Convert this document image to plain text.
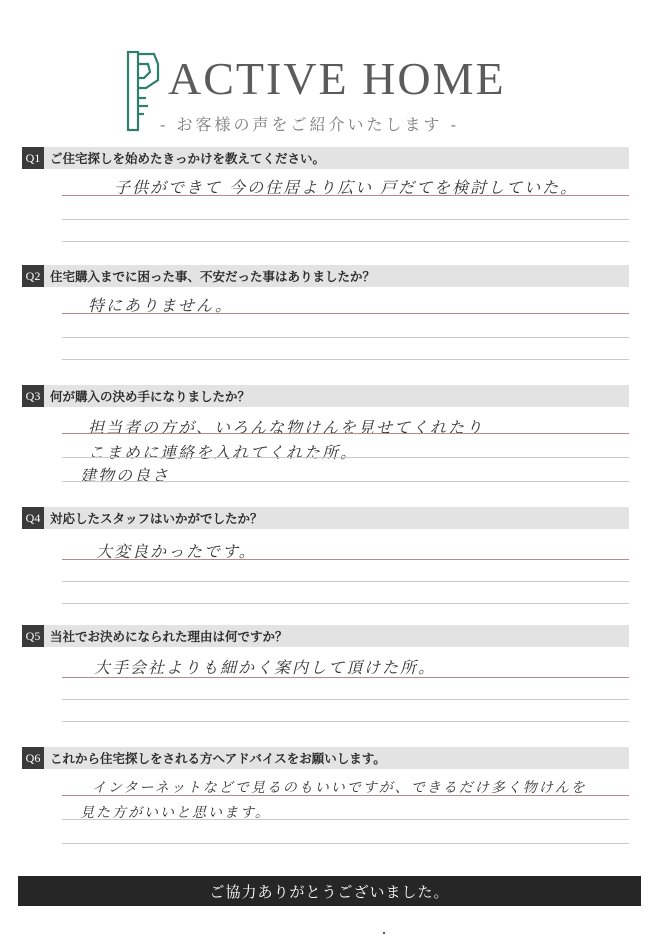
ACTIVE HOME
- お客様の声をご紹介いたします -
Q1 ご住宅探しを始めたきっかけを教えてください。
子供ができて 今の住居より広い 戸だてを検討していた。
Q2 住宅購入までに困った事、不安だった事はありましたか？
特にありません。
Q3 何が購入の決め手になりましたか？
担当者の方が、いろんな物けんを見せてくれたり
こまめに連絡を入れてくれた所。
建物の良さ
Q4 対応したスタッフはいかがでしたか？
大変良かったです。
Q5 当社でお決めになられた理由は何ですか？
大手会社よりも細かく案内して頂けた所。
Q6 これから住宅探しをされる方へアドバイスをお願いします。
インターネットなどで見るのもいいですが、できるだけ多く物けんを
見た方がいいと思います。
ご協力ありがとうございました。
